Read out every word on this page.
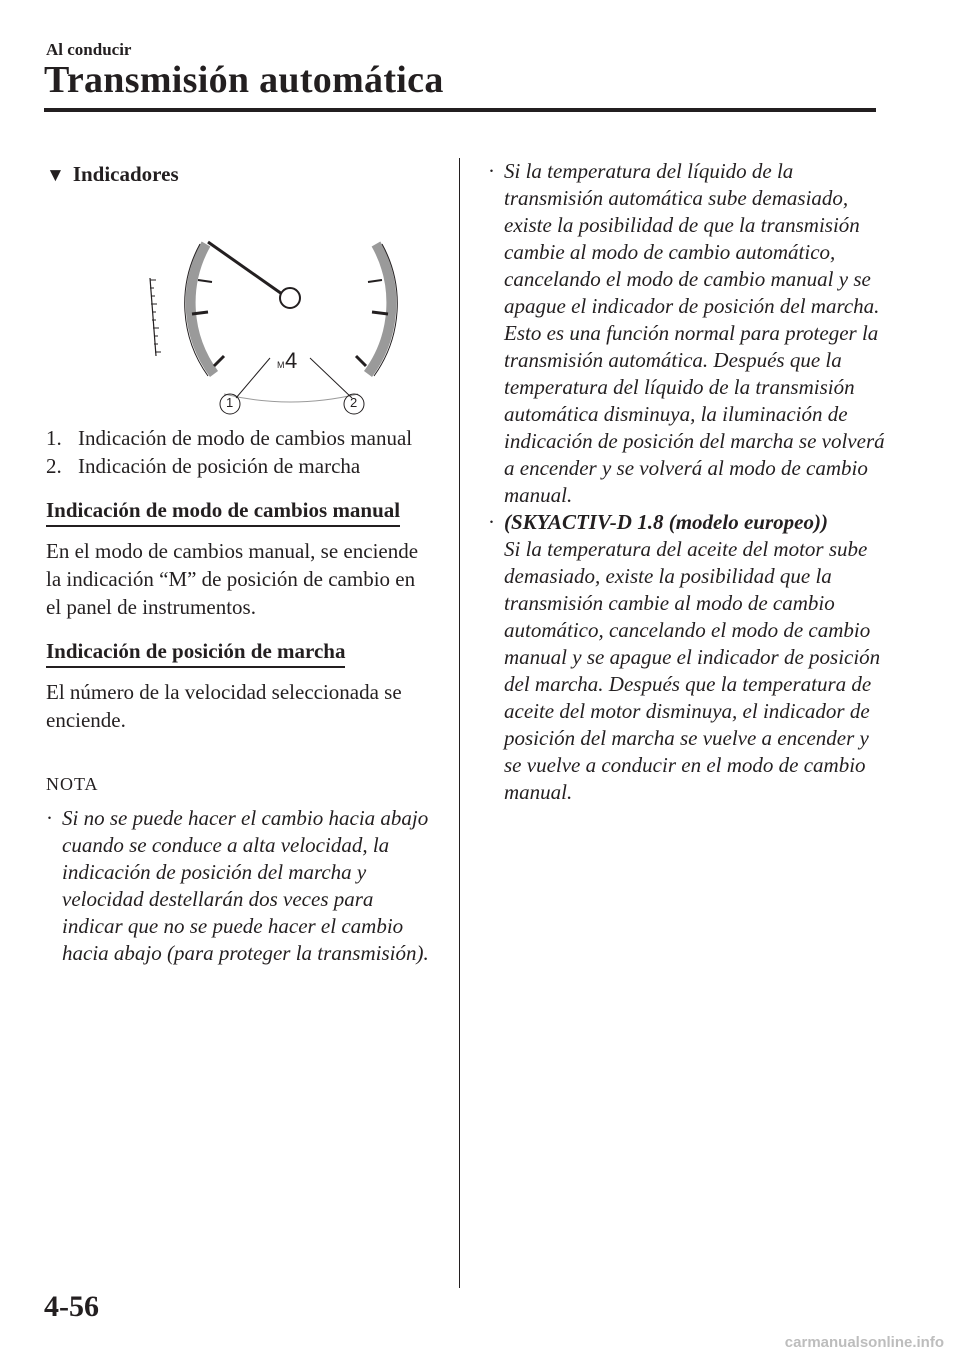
Al conducir
Transmisión automática

▼ Indicadores

M 4
1	2
1. Indicación de modo de cambios manual
2. Indicación de posición de marcha
Indicación de modo de cambios manual

En el modo de cambios manual, se enciende la indicación “M” de posición de cambio en el panel de instrumentos.

Indicación de posición de marcha

El número de la velocidad seleccionada se enciende.

NOTA
· Si no se puede hacer el cambio hacia abajo cuando se conduce a alta velocidad, la indicación de posición del marcha y velocidad destellarán dos veces para indicar que no se puede hacer el cambio hacia abajo (para proteger la transmisión).
· Si la temperatura del líquido de la transmisión automática sube demasiado, existe la posibilidad de que la transmisión cambie al modo de cambio automático, cancelando el modo de cambio manual y se apague el indicador de posición del marcha. Esto es una función normal para proteger la transmisión automática. Después que la temperatura del líquido de la transmisión automática disminuya, la iluminación de indicación de posición del marcha se volverá a encender y se volverá al modo de cambio manual.
· (SKYACTIV-D 1.8 (modelo europeo))
Si la temperatura del aceite del motor sube demasiado, existe la posibilidad que la transmisión cambie al modo de cambio automático, cancelando el modo de cambio manual y se apague el indicador de posición del marcha. Después que la temperatura de aceite del motor disminuya, el indicador de posición del marcha se vuelve a encender y se vuelve a conducir en el modo de cambio manual.
4-56
carmanualsonline.info
